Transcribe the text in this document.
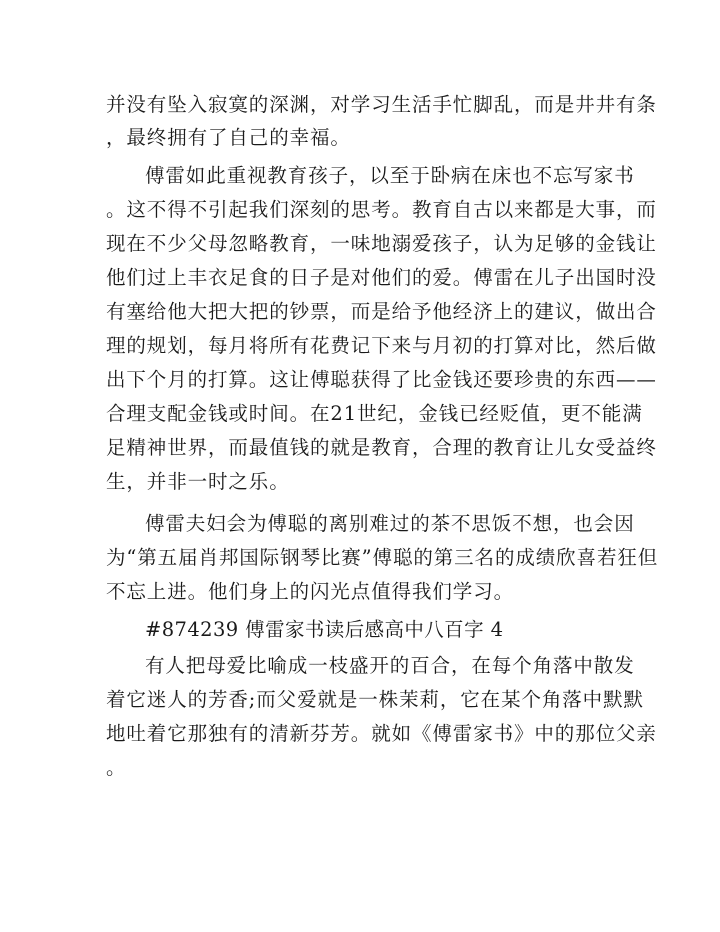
并没有坠入寂寞的深渊，对学习生活手忙脚乱，而是井井有条
，最终拥有了自己的幸福。
傅雷如此重视教育孩子，以至于卧病在床也不忘写家书
。这不得不引起我们深刻的思考。教育自古以来都是大事，而
现在不少父母忽略教育，一味地溺爱孩子，认为足够的金钱让
他们过上丰衣足食的日子是对他们的爱。傅雷在儿子出国时没
有塞给他大把大把的钞票，而是给予他经济上的建议，做出合
理的规划，每月将所有花费记下来与月初的打算对比，然后做
出下个月的打算。这让傅聪获得了比金钱还要珍贵的东西——
合理支配金钱或时间。在21世纪，金钱已经贬值，更不能满
足精神世界，而最值钱的就是教育，合理的教育让儿女受益终
生，并非一时之乐。
傅雷夫妇会为傅聪的离别难过的茶不思饭不想，也会因
为“第五届肖邦国际钢琴比赛”傅聪的第三名的成绩欣喜若狂但
不忘上进。他们身上的闪光点值得我们学习。
#874239 傅雷家书读后感高中八百字 4
有人把母爱比喻成一枝盛开的百合，在每个角落中散发
着它迷人的芳香;而父爱就是一株茉莉，它在某个角落中默默
地吐着它那独有的清新芬芳。就如《傅雷家书》中的那位父亲
。
